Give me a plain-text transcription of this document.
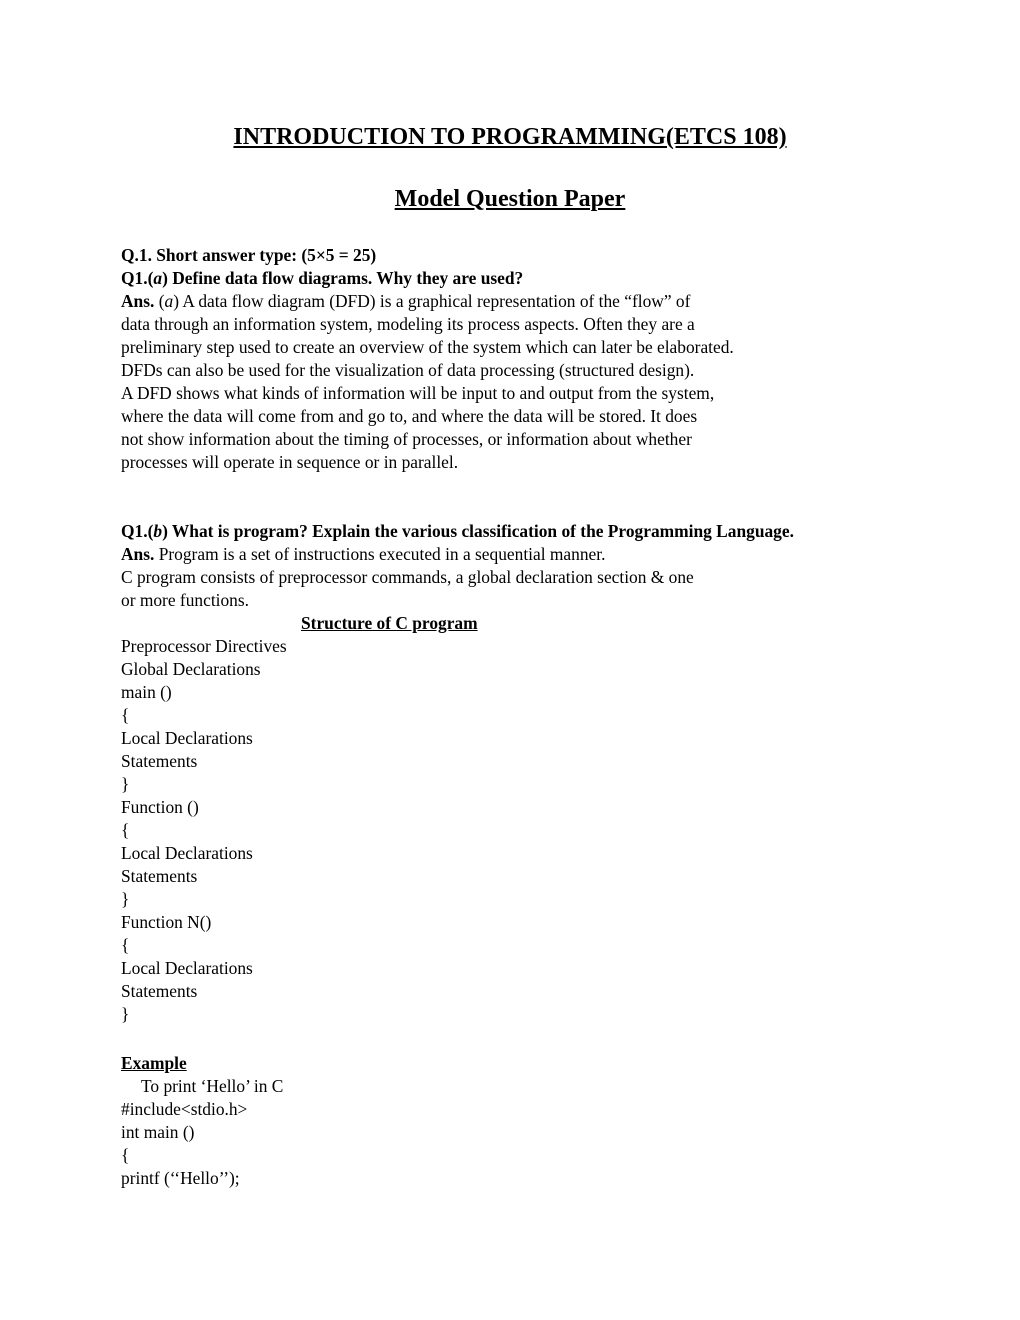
INTRODUCTION TO PROGRAMMING(ETCS 108)
Model Question Paper
Q.1. Short answer type: (5×5 = 25)
Q1.(a) Define data flow diagrams. Why they are used?
Ans. (a) A data flow diagram (DFD) is a graphical representation of the “flow” of
data through an information system, modeling its process aspects. Often they are a
preliminary step used to create an overview of the system which can later be elaborated.
DFDs can also be used for the visualization of data processing (structured design).
A DFD shows what kinds of information will be input to and output from the system,
where the data will come from and go to, and where the data will be stored. It does
not show information about the timing of processes, or information about whether
processes will operate in sequence or in parallel.
Q1.(b) What is program? Explain the various classification of the Programming Language.
Ans. Program is a set of instructions executed in a sequential manner.
C program consists of preprocessor commands, a global declaration section & one
or more functions.
Structure of C program
Preprocessor Directives
Global Declarations
main ()
{
Local Declarations
Statements
}
Function ()
{
Local Declarations
Statements
}
Function N()
{
Local Declarations
Statements
}
Example
To print ‘Hello’ in C
#include<stdio.h>
int main ()
{
printf (‘‘Hello’’);
